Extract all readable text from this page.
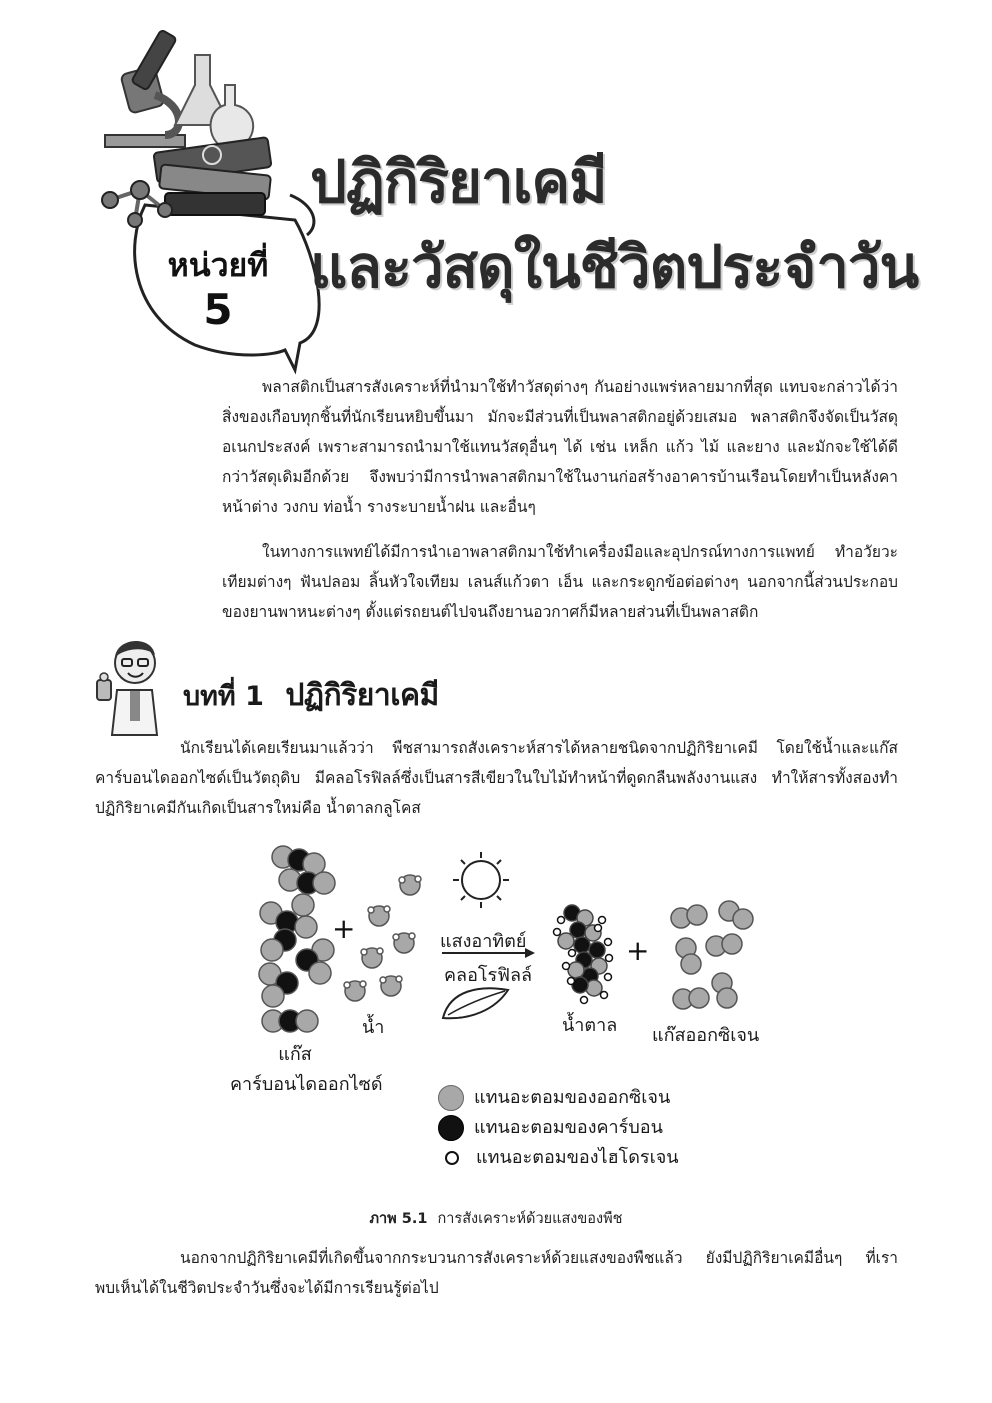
หน่วยที่
5
ปฏิกิริยาเคมี
และวัสดุในชีวิตประจำวัน

พลาสติกเป็นสารสังเคราะห์ที่นำมาใช้ทำวัสดุต่างๆ กันอย่างแพร่หลายมากที่สุด แทบจะกล่าวได้ว่าสิ่งของเกือบทุกชิ้นที่นักเรียนหยิบขึ้นมา มักจะมีส่วนที่เป็นพลาสติกอยู่ด้วยเสมอ พลาสติกจึงจัดเป็นวัสดุอเนกประสงค์ เพราะสามารถนำมาใช้แทนวัสดุอื่นๆ ได้ เช่น เหล็ก แก้ว ไม้ และยาง และมักจะใช้ได้ดีกว่าวัสดุเดิมอีกด้วย จึงพบว่ามีการนำพลาสติกมาใช้ในงานก่อสร้างอาคารบ้านเรือนโดยทำเป็นหลังคา หน้าต่าง วงกบ ท่อน้ำ รางระบายน้ำฝน และอื่นๆ

ในทางการแพทย์ได้มีการนำเอาพลาสติกมาใช้ทำเครื่องมือและอุปกรณ์ทางการแพทย์ ทำอวัยวะเทียมต่างๆ ฟันปลอม ลิ้นหัวใจเทียม เลนส์แก้วตา เอ็น และกระดูกข้อต่อต่างๆ นอกจากนี้ส่วนประกอบของยานพาหนะต่างๆ ตั้งแต่รถยนต์ไปจนถึงยานอวกาศก็มีหลายส่วนที่เป็นพลาสติก

บทที่ 1 ปฏิกิริยาเคมี

นักเรียนได้เคยเรียนมาแล้วว่า พืชสามารถสังเคราะห์สารได้หลายชนิดจากปฏิกิริยาเคมี โดยใช้น้ำและแก๊สคาร์บอนไดออกไซด์เป็นวัตถุดิบ มีคลอโรฟิลล์ซึ่งเป็นสารสีเขียวในใบไม้ทำหน้าที่ดูดกลืนพลังงานแสง ทำให้สารทั้งสองทำปฏิกิริยาเคมีกันเกิดเป็นสารใหม่คือ น้ำตาลกลูโคส

+
+
แก๊สคาร์บอนไดออกไซด์
น้ำ
แสงอาทิตย์
คลอโรฟิลล์
น้ำตาล แก๊สออกซิเจน
แทนอะตอมของออกซิเจน
แทนอะตอมของคาร์บอน
แทนอะตอมของไฮโดรเจน
ภาพ 5.1 การสังเคราะห์ด้วยแสงของพืช

นอกจากปฏิกิริยาเคมีที่เกิดขึ้นจากกระบวนการสังเคราะห์ด้วยแสงของพืชแล้ว ยังมีปฏิกิริยาเคมีอื่นๆ ที่เราพบเห็นได้ในชีวิตประจำวันซึ่งจะได้มีการเรียนรู้ต่อไป
